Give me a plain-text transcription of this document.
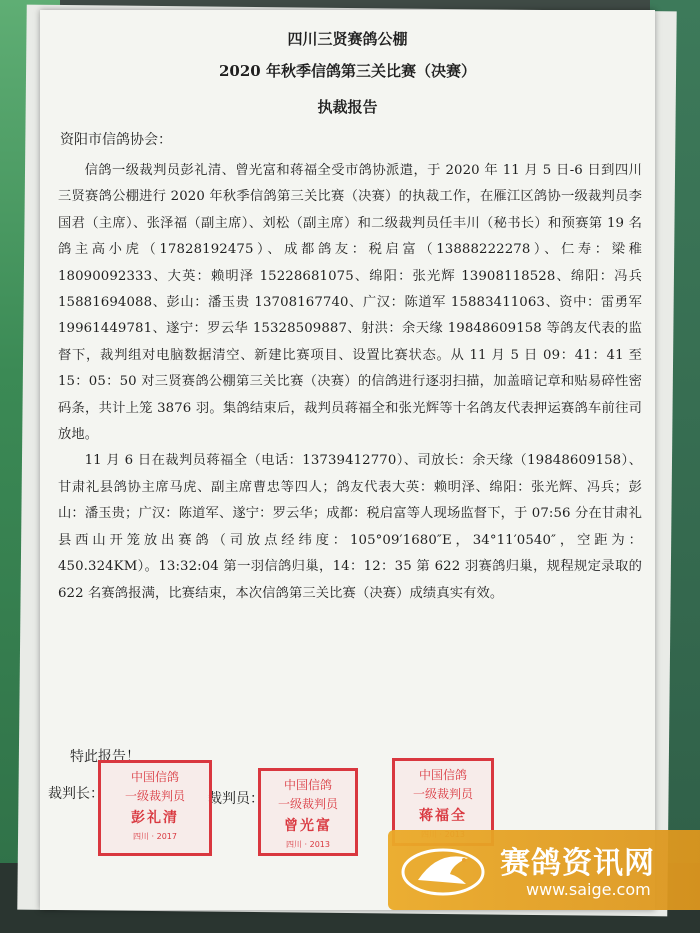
四川三贤赛鸽公棚
2020 年秋季信鸽第三关比赛（决赛）
执裁报告
资阳市信鸽协会：

信鸽一级裁判员彭礼清、曾光富和蒋福全受市鸽协派遣，于 2020 年 11 月 5 日-6 日到四川三贤赛鸽公棚进行 2020 年秋季信鸽第三关比赛（决赛）的执裁工作，在雁江区鸽协一级裁判员李国君（主席）、张泽福（副主席）、刘松（副主席）和二级裁判员任丰川（秘书长）和预赛第 19 名鸽主高小虎（17828192475）、成都鸽友：税启富（13888222278）、仁寿：梁稚 18090092333、大英：赖明泽 15228681075、绵阳：张光辉 13908118528、绵阳：冯兵 15881694088、彭山：潘玉贵 13708167740、广汉：陈道军 15883411063、资中：雷勇军 19961449781、遂宁：罗云华 15328509887、射洪：余天缘 19848609158 等鸽友代表的监督下，裁判组对电脑数据清空、新建比赛项目、设置比赛状态。从 11 月 5 日 09：41：41 至 15：05：50 对三贤赛鸽公棚第三关比赛（决赛）的信鸽进行逐羽扫描，加盖暗记章和贴易碎性密码条，共计上笼 3876 羽。集鸽结束后，裁判员蒋福全和张光辉等十名鸽友代表押运赛鸽车前往司放地。

11 月 6 日在裁判员蒋福全（电话：13739412770）、司放长：余天缘（19848609158）、甘肃礼县鸽协主席马虎、副主席曹忠等四人；鸽友代表大英：赖明泽、绵阳：张光辉、冯兵；彭山：潘玉贵；广汉：陈道军、遂宁：罗云华；成都：税启富等人现场监督下，于 07:56 分在甘肃礼县西山开笼放出赛鸽（司放点经纬度：105°09′1680″E，34°11′0540″，空距为：450.324KM）。13:32:04 第一羽信鸽归巢，14：12：35 第 622 羽赛鸽归巢，规程规定录取的 622 名赛鸽报满，比赛结束，本次信鸽第三关比赛（决赛）成绩真实有效。

特此报告！
裁判长：	裁判员：
中国信鸽
一级裁判员
彭礼清
四川 · 2017
中国信鸽
一级裁判员
曾光富
四川 · 2013
中国信鸽
一级裁判员
蒋福全
赛鸽资讯网
www.saige.com
